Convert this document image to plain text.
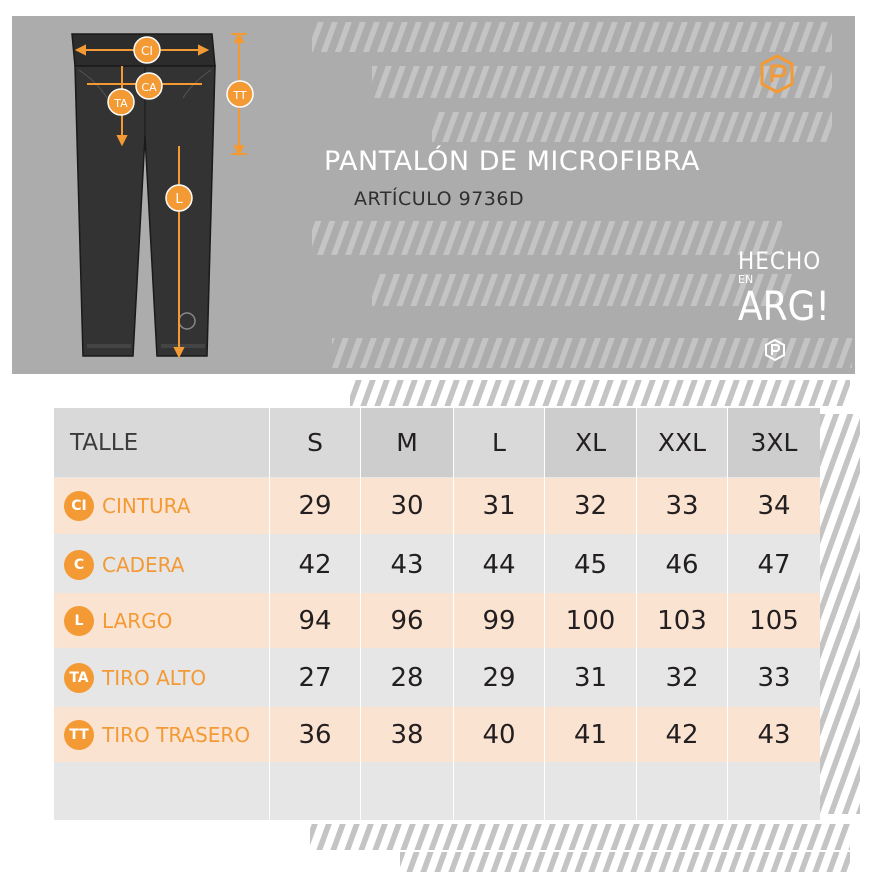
CI
CA
TA
TT
L
PANTALÓN DE MICROFIBRA
ARTÍCULO 9736D
HECHO
EN
ARG!
TALLE	S	M	L	XL	XXL	3XL
CI CINTURA	29	30	31	32	33	34
C CADERA	42	43	44	45	46	47
L LARGO	94	96	99	100	103	105
TA TIRO ALTO	27	28	29	31	32	33
TT TIRO TRASERO	36	38	40	41	42	43
